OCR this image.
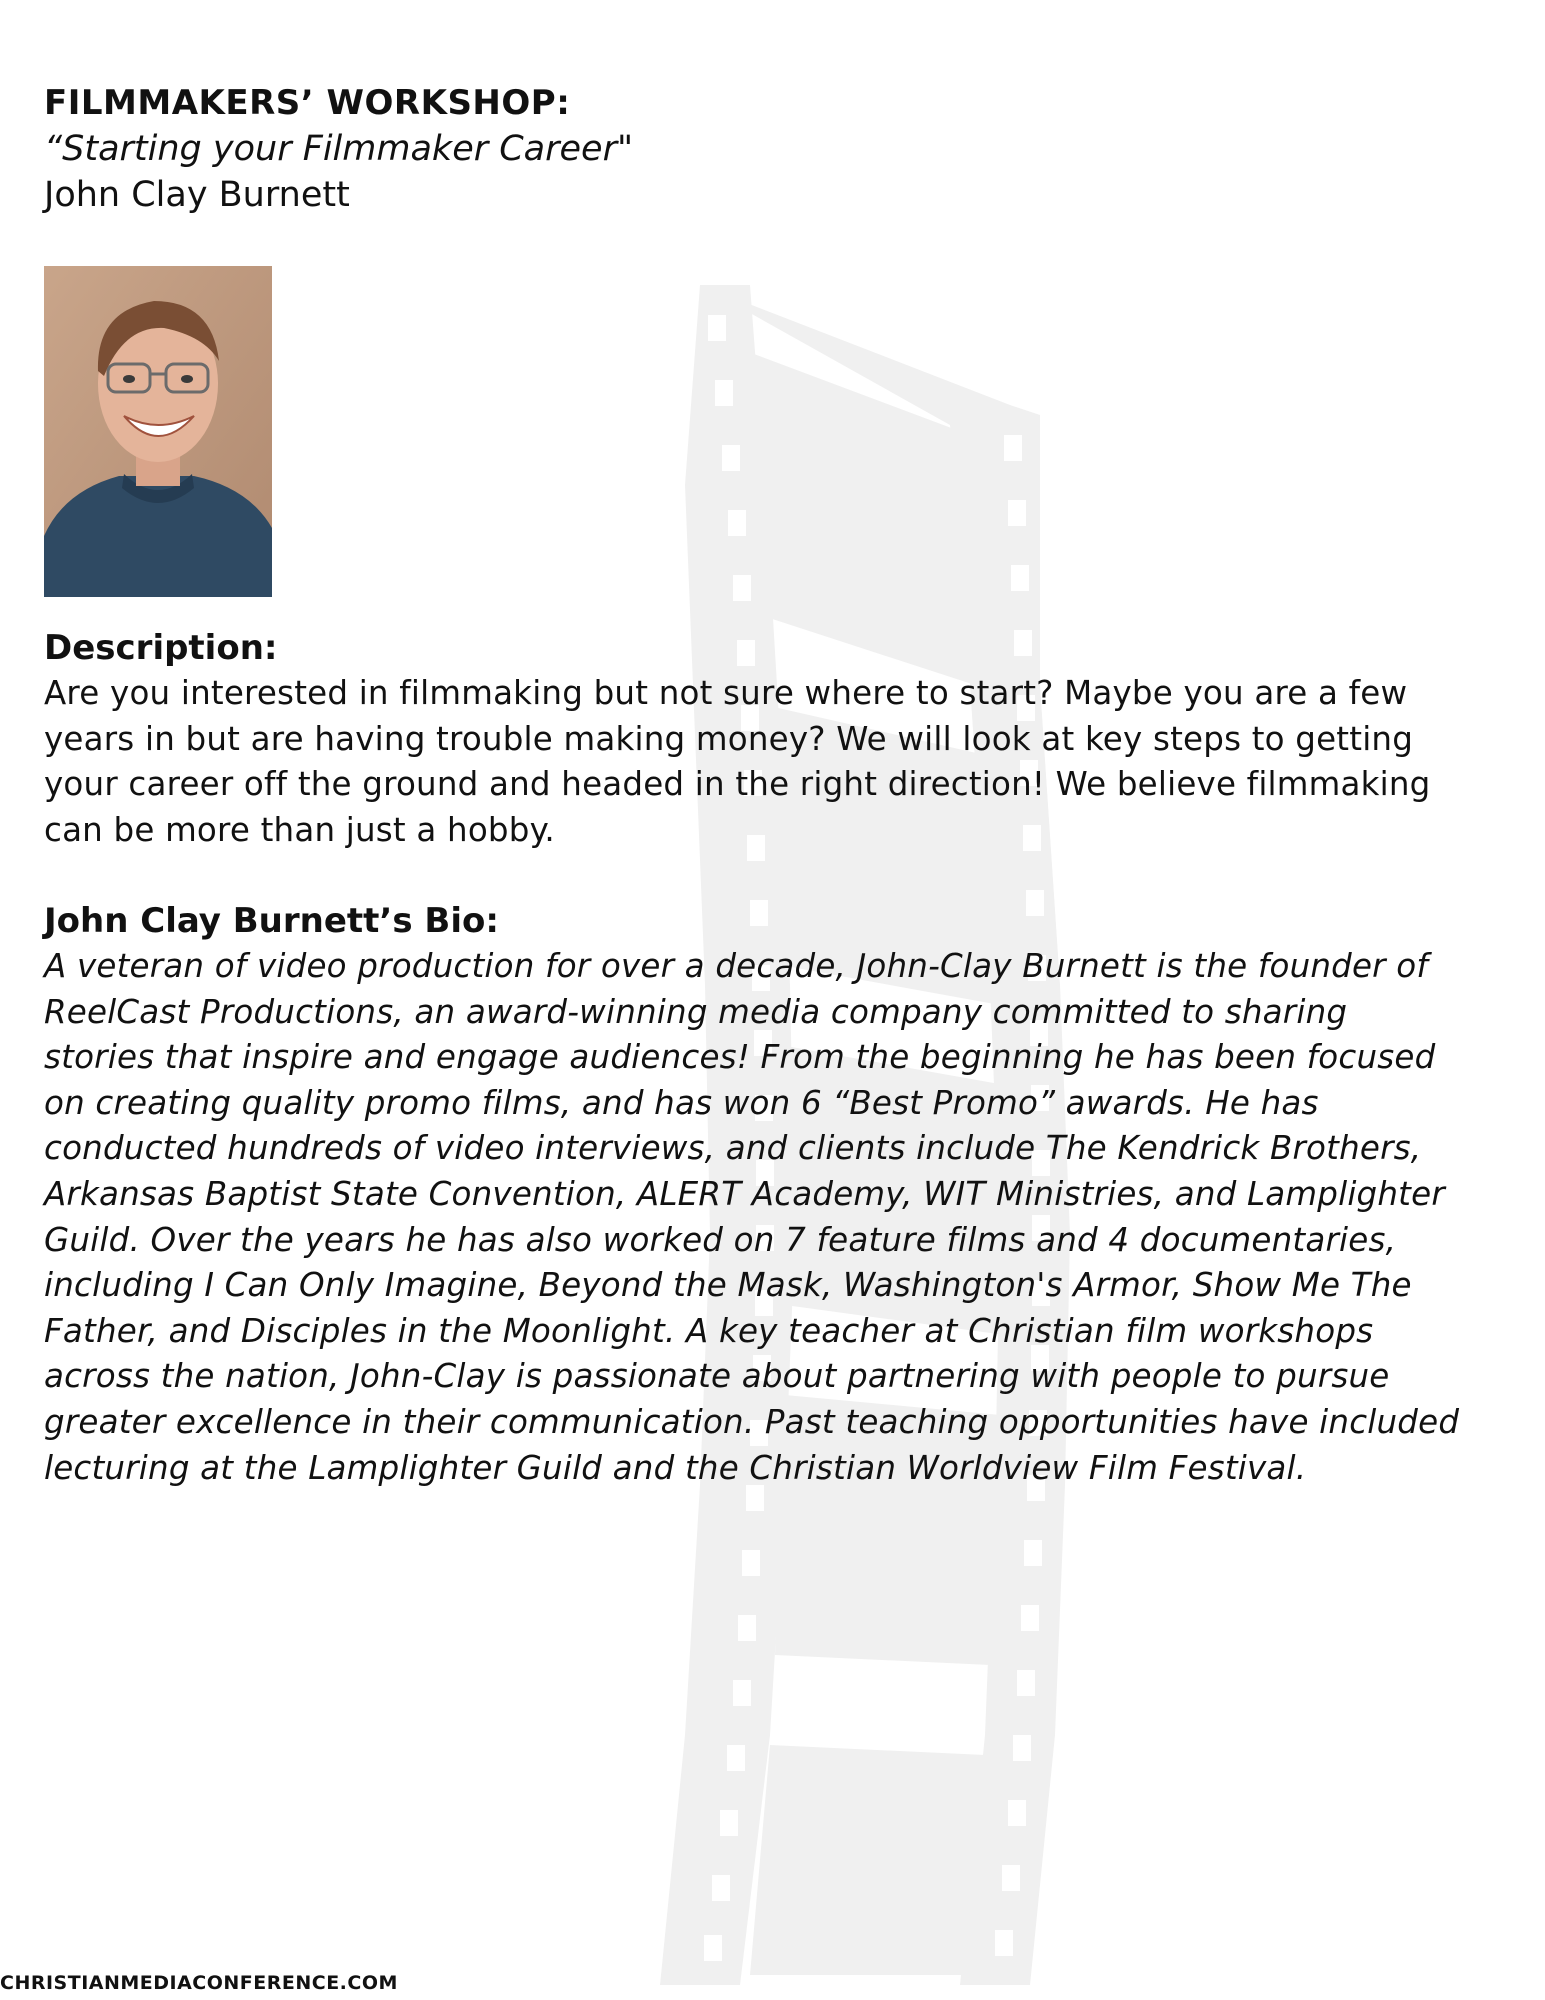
FILMMAKERS’ WORKSHOP:

“Starting your Filmmaker Career"

John Clay Burnett

Description:

Are you interested in filmmaking but not sure where to start? Maybe you are a few years in but are having trouble making money? We will look at key steps to getting your career off the ground and headed in the right direction! We believe filmmaking can be more than just a hobby.

John Clay Burnett’s Bio:

A veteran of video production for over a decade, John-Clay Burnett is the founder of ReelCast Productions, an award-winning media company committed to sharing stories that inspire and engage audiences! From the beginning he has been focused on creating quality promo films, and has won 6 “Best Promo” awards. He has conducted hundreds of video interviews, and clients include The Kendrick Brothers, Arkansas Baptist State Convention, ALERT Academy, WIT Ministries, and Lamplighter Guild. Over the years he has also worked on 7 feature films and 4 documentaries, including I Can Only Imagine, Beyond the Mask, Washington's Armor, Show Me The Father, and Disciples in the Moonlight. A key teacher at Christian film workshops across the nation, John-Clay is passionate about partnering with people to pursue greater excellence in their communication. Past teaching opportunities have included lecturing at the Lamplighter Guild and the Christian Worldview Film Festival.

CHRISTIANMEDIACONFERENCE.COM
